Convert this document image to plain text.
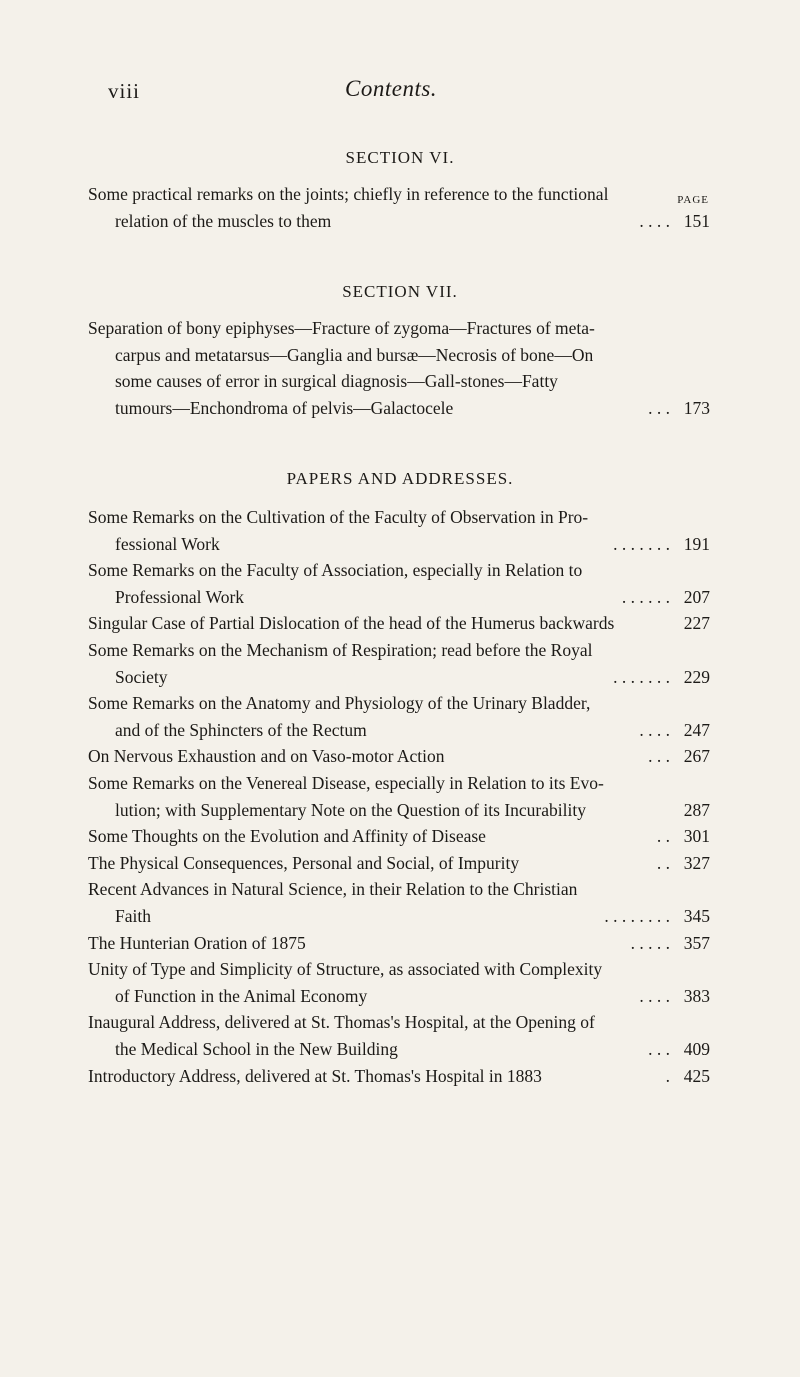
viii	Contents.
PAGE
SECTION VI.
Some practical remarks on the joints; chiefly in reference to the functional
relation of the muscles to them	. . . . 151
SECTION VII.
Separation of bony epiphyses—Fracture of zygoma—Fractures of meta-
carpus and metatarsus—Ganglia and bursæ—Necrosis of bone—On
some causes of error in surgical diagnosis—Gall-stones—Fatty
tumours—Enchondroma of pelvis—Galactocele	. . . 173
PAPERS AND ADDRESSES.
Some Remarks on the Cultivation of the Faculty of Observation in Pro-
fessional Work	. . . . . . . 191
Some Remarks on the Faculty of Association, especially in Relation to
Professional Work	. . . . . . 207
Singular Case of Partial Dislocation of the head of the Humerus backwards	227
Some Remarks on the Mechanism of Respiration; read before the Royal
Society	. . . . . . . 229
Some Remarks on the Anatomy and Physiology of the Urinary Bladder,
and of the Sphincters of the Rectum	. . . . 247
On Nervous Exhaustion and on Vaso-motor Action	. . . 267
Some Remarks on the Venereal Disease, especially in Relation to its Evo-
lution; with Supplementary Note on the Question of its Incurability	287
Some Thoughts on the Evolution and Affinity of Disease	. . 301
The Physical Consequences, Personal and Social, of Impurity	. . 327
Recent Advances in Natural Science, in their Relation to the Christian
Faith	. . . . . . . . 345
The Hunterian Oration of 1875	. . . . . 357
Unity of Type and Simplicity of Structure, as associated with Complexity
of Function in the Animal Economy	. . . . 383
Inaugural Address, delivered at St. Thomas's Hospital, at the Opening of
the Medical School in the New Building	. . . 409
Introductory Address, delivered at St. Thomas's Hospital in 1883	. 425
